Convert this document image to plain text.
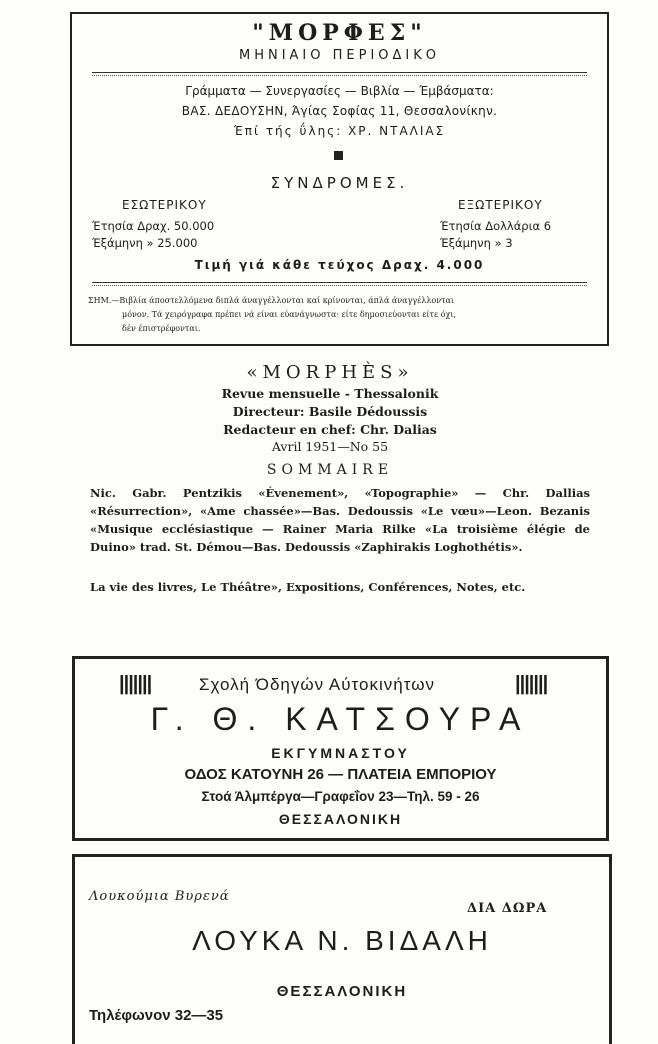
"ΜΟΡΦΕΣ"
ΜΗΝΙΑΙΟ ΠΕΡΙΟΔΙΚΟ
Γράμματα — Συνεργασίες — Βιβλία — Έμβάσματα:
ΒΑΣ. ΔΕΔΟΥΣΗΝ, Άγίας Σοφίας 11, Θεσσαλονίκην.
Έπί τής ΰλης: ΧΡ. ΝΤΑΛΙΑΣ
ΣΥΝΔΡΟΜΕΣ.
ΕΣΩΤΕΡΙΚΟΥ
Έτησία Δραχ. 50.000
Έξάμηνη » 25.000
ΕΞΩΤΕΡΙΚΟΥ
Έτησία Δολλάρια 6
Έξάμηνη » 3
Τιμή γιά κάθε τεύχος Δραχ. 4.000
ΣΗΜ.—Βιβλία άποστελλόμενα διπλά άναγγέλλονται καί κρίνονται, άπλά άναγγέλλονται
μόνον. Τά χειρόγραφα πρέπει νά είναι εύανάγνωστα· είτε δημοσιεύονται είτε όχι,
δέν έπιστρέφονται.
«MORPHÈS»
Revue mensuelle - Thessalonik
Directeur: Basile Dédoussis
Redacteur en chef: Chr. Dalias
Avril 1951—No 55
SOMMAIRE
Nic. Gabr. Pentzikis «Évenement», «Topographie» — Chr. Dallias «Résurrection», «Ame chassée»—Bas. Dedoussis «Le vœu»—Leon. Bezanis «Musique ecclésiastique — Rainer Maria Rilke «La troisième élégie de Duino» trad. St. Démou—Bas. Dedoussis «Zaphirakis Loghothétis».
La vie des livres, Le Théâtre», Expositions, Conférences, Notes, etc.
|||||||	Σχολή Όδηγών Αύτοκινήτων	|||||||
Γ. Θ. ΚΑΤΣΟΥΡΑ
ΕΚΓΥΜΝΑΣΤΟΥ
ΟΔΟΣ ΚΑΤΟΥΝΗ 26 — ΠΛΑΤΕΙΑ ΕΜΠΟΡΙΟΥ
Στοά Άλμπέργα—Γραφεΐον 23—Τηλ. 59 - 26
ΘΕΣΣΑΛΟΝΙΚΗ
Λουκούμια Βυρενά
ΔΙΑ ΔΩΡΑ
ΛΟΥΚΑ Ν. ΒΙΔΑΛΗ
ΘΕΣΣΑΛΟΝΙΚΗ
Τηλέφωνον 32—35
